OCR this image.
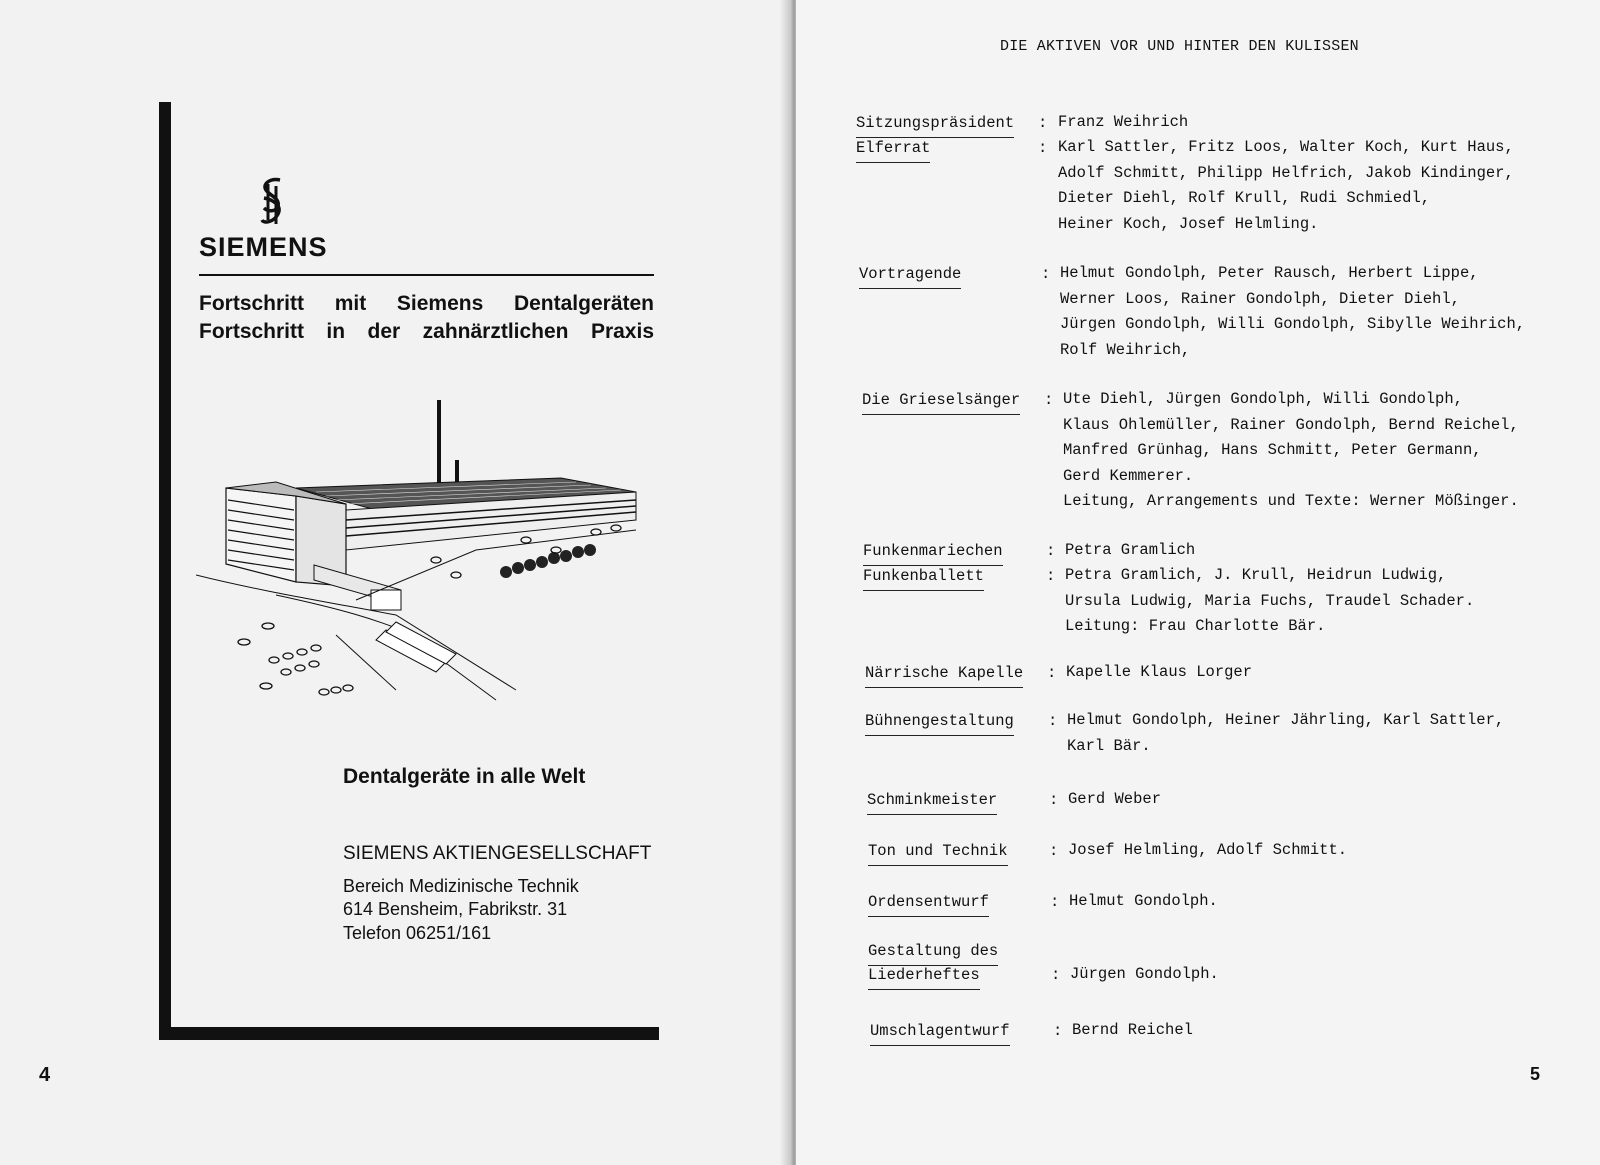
SIEMENS
Fortschritt mit Siemens Dentalgeräten
Fortschritt in der zahnärztlichen Praxis
Dentalgeräte in alle Welt
SIEMENS AKTIENGESELLSCHAFT
Bereich Medizinische Technik
614 Bensheim, Fabrikstr. 31
Telefon 06251/161
4
DIE AKTIVEN VOR UND HINTER DEN KULISSEN
Sitzungspräsident : Franz Weihrich
Elferrat	: Karl Sattler, Fritz Loos, Walter Koch, Kurt Haus,
Adolf Schmitt, Philipp Helfrich, Jakob Kindinger,
Dieter Diehl, Rolf Krull, Rudi Schmiedl,
Heiner Koch, Josef Helmling.
Vortragende	: Helmut Gondolph, Peter Rausch, Herbert Lippe,
Werner Loos, Rainer Gondolph, Dieter Diehl,
Jürgen Gondolph, Willi Gondolph, Sibylle Weihrich,
Rolf Weihrich,
Die Grieselsänger : Ute Diehl, Jürgen Gondolph, Willi Gondolph,
Klaus Ohlemüller, Rainer Gondolph, Bernd Reichel,
Manfred Grünhag, Hans Schmitt, Peter Germann,
Gerd Kemmerer.
Leitung, Arrangements und Texte: Werner Mößinger.
Funkenmariechen	: Petra Gramlich
Funkenballett	: Petra Gramlich, J. Krull, Heidrun Ludwig,
Ursula Ludwig, Maria Fuchs, Traudel Schader.
Leitung: Frau Charlotte Bär.
Närrische Kapelle : Kapelle Klaus Lorger
Bühnengestaltung : Helmut Gondolph, Heiner Jährling, Karl Sattler,
Karl Bär.
Schminkmeister	: Gerd Weber
Ton und Technik	: Josef Helmling, Adolf Schmitt.
Ordensentwurf	: Helmut Gondolph.
Gestaltung des
Liederheftes	: Jürgen Gondolph.
Umschlagentwurf	: Bernd Reichel
5
